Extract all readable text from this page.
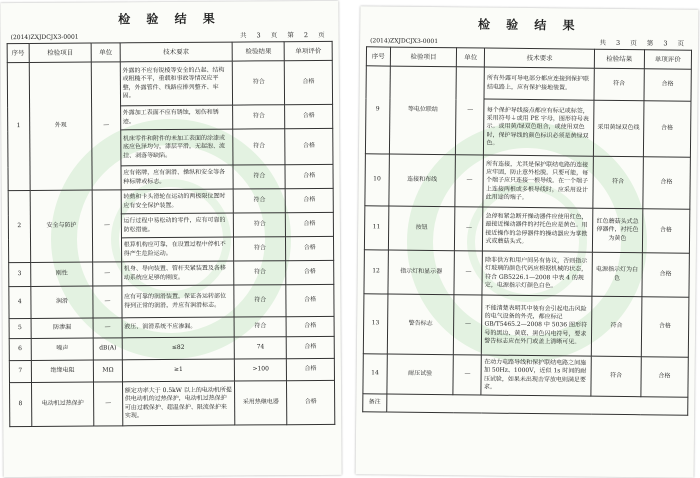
检 验 结 果
(2014)ZXJDCJX3-0001	共 3 页 第 2 页
序号	检验项目	单位	技术要求	检验结果	单项评价
1	外观	—	外露的不应有锐棱等安全的凸起、结构或粗糙不平，重载和事故等情况应平整，外露管件、线路应排列整齐、牢固。	符合	合格
			外露加工表面不应有锈蚀，划伤和锈迹。	符合	合格
			机床零件和附件的未加工表面的涂漆或底应色泽均匀，漆层平滑，无起泡、流挂、剥落等缺陷。	符合	合格
			应有铭牌，应有润滑、操纵和安全等各种标牌或标志。	符合	合格
2	安全与防护	—	转動和卡头滑轮在运动的两极限位置时应有安全保护装置。	符合	合格
			运行过程中易松动的零件，应有可靠的防松措施。	符合	合格
			根算机构应可靠，在设置过程中停机不得产生危险运动。	符合	合格
3	刚性	—	机身、导向装置、管杆夹紧装置及各移动系统应足够的刚度。	符合	合格
4	润滑	—	应有可靠的润滑装置，保证各运转部位得到正常的润滑，并应有润滑标志。	符合	合格
5	防渗漏	—	液压、润滑系统不应渗漏。	符合	合格
6	噪声	dB(A)	≤82	74	合格
7	绝缘电阻	MΩ	≥1	>100	合格
8	电动机过热保护	—	额定功率大于 0.5kW 以上的电动机所提供电动机的过热保护，电动机过热保护可由过载保护、超温保护、限流保护来实现。	采用热继电器	合格
检 验 结 果
(2014)ZXJDCJX3-0001	共 3 页 第 3 页
序号	检验项目	单位	技术要求	检验结果	单项评价
9	等电位联结	—	所有外露可导电部分都应连接到保护联结电路上，应有保护接地装置。	符合	合格
			每个保护导线接点都应有标记或标签，采用符号⏚或用 PE 字母，图形符号表示。或用黄/绿双色组合，或使用双色时，保护导线的颜色标识必须是黄绿双色。	采用黄绿双色线	合格
10	连接和布线	—	所有连接，尤其是保护联结电路的连接应牢固，防止意外松脱。只要可能，每个端子应只连接一根导线。在一个端子上连接两根或多根导线时，应采用设计此用途的端子。	符合	合格
11	按钮	—	急停和紧急断开操动器件应使用红色，最接近操动器件的衬托色应是黄色。用接近操作的急停器件的操动器应为掌揿式或蘑菇头式。	红色蘑菇头式急停器件，衬托色为黄色	合格
12	指示灯和显示器	—	除非供方和用户间另有协议，否则指示灯玻璃的颜色代码应根据机械的状态，符合 GB5226.1—2008 中表 4 的规定，电源指示灯颜色白色。	电源指示灯为白色	合格
13	警告标志	—	不能清楚表明其中装有会引起电击风险的电气设备的外壳，都应标记 GB/T5465.2—2008 中 5036 图形符号的黑边、黄底、黑色闪电符号，要求警告标志应在外门或盖上清晰可见。	符合	合格
14	耐压试验	—	在动力电路导线和保护联结电路之间施加 50Hz、1000V，近似 1s 时间的耐压试验，如果未出现击穿放电则满足要求。	符合	合格
备注					
